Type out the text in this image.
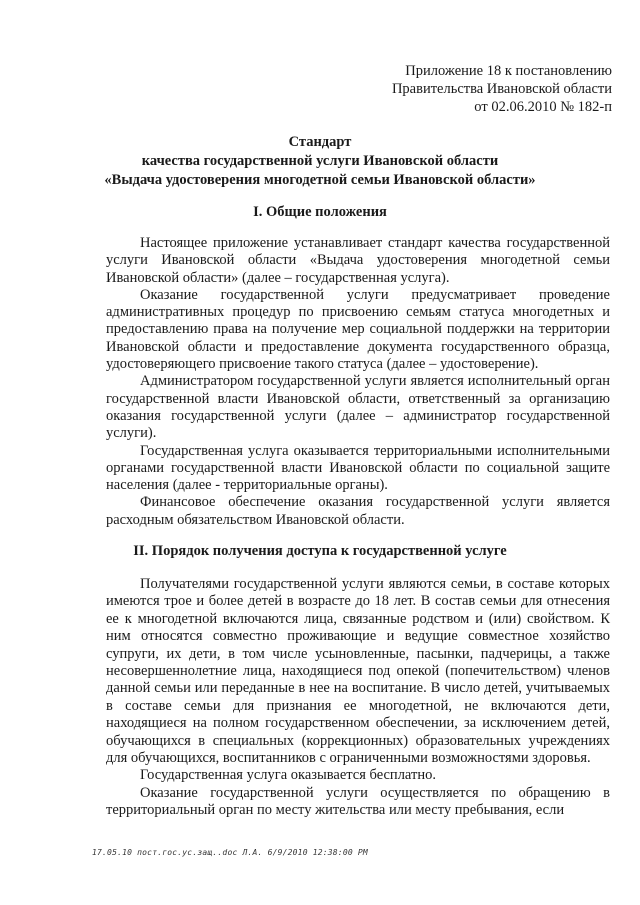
Приложение 18 к постановлению
Правительства Ивановской области
от 02.06.2010 № 182-п
Стандарт
качества государственной услуги Ивановской области
«Выдача удостоверения многодетной семьи Ивановской области»
I. Общие положения

Настоящее приложение устанавливает стандарт качества государственной услуги Ивановской области «Выдача удостоверения многодетной семьи Ивановской области» (далее – государственная услуга).

Оказание государственной услуги предусматривает проведение административных процедур по присвоению семьям статуса многодетных и предоставлению права на получение мер социальной поддержки на территории Ивановской области и предоставление документа государственного образца, удостоверяющего присвоение такого статуса (далее – удостоверение).

Администратором государственной услуги является исполнительный орган государственной власти Ивановской области, ответственный за организацию оказания государственной услуги (далее – администратор государственной услуги).

Государственная услуга оказывается территориальными исполнительными органами государственной власти Ивановской области по социальной защите населения (далее - территориальные органы).

Финансовое обеспечение оказания государственной услуги является расходным обязательством Ивановской области.

II. Порядок получения доступа к государственной услуге

Получателями государственной услуги являются семьи, в составе которых имеются трое и более детей в возрасте до 18 лет. В состав семьи для отнесения ее к многодетной включаются лица, связанные родством и (или) свойством. К ним относятся совместно проживающие и ведущие совместное хозяйство супруги, их дети, в том числе усыновленные, пасынки, падчерицы, а также несовершеннолетние лица, находящиеся под опекой (попечительством) членов данной семьи или переданные в нее на воспитание. В число детей, учитываемых в составе семьи для признания ее многодетной, не включаются дети, находящиеся на полном государственном обеспечении, за исключением детей, обучающихся в специальных (коррекционных) образовательных учреждениях для обучающихся, воспитанников с ограниченными возможностями здоровья.

Государственная услуга оказывается бесплатно.

Оказание государственной услуги осуществляется по обращению в территориальный орган по месту жительства или месту пребывания, если

17.05.10 пост.гос.ус.защ..doc Л.А. 6/9/2010 12:38:00 PM
